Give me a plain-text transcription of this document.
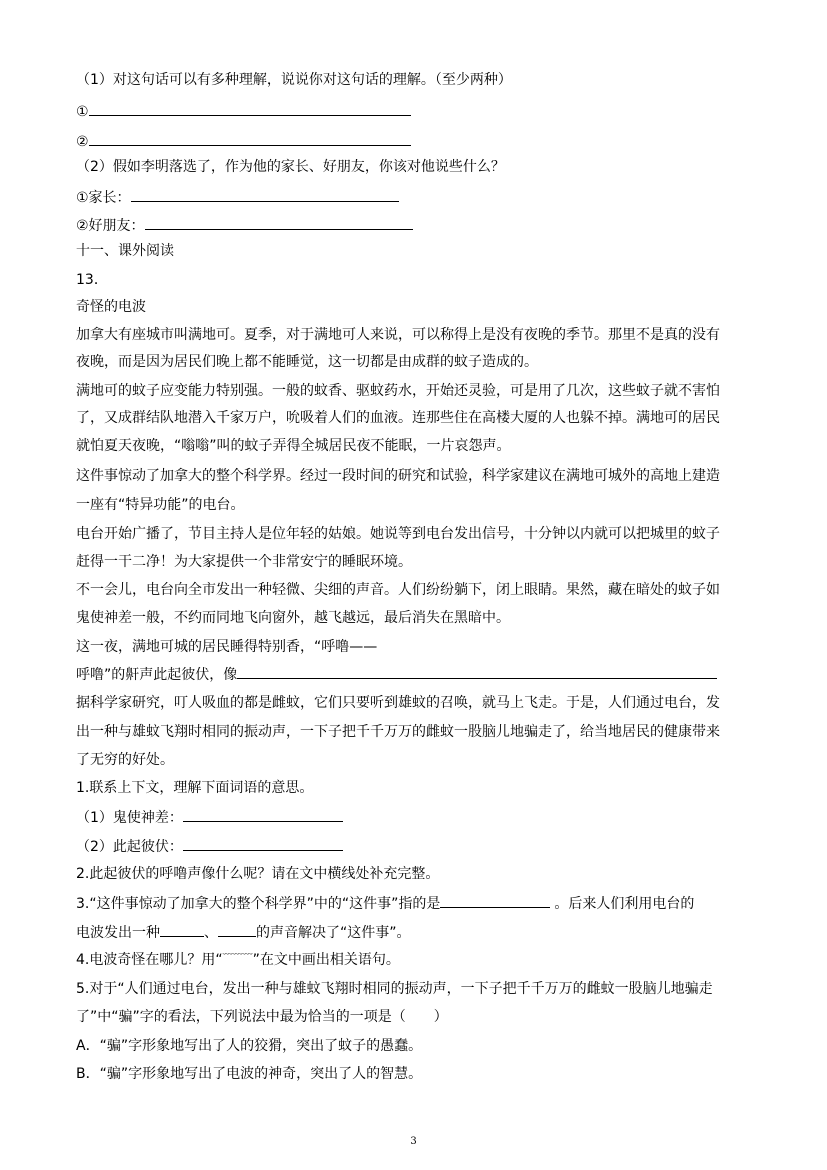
（1）对这句话可以有多种理解，说说你对这句话的理解。（至少两种）
①
②
（2）假如李明落选了，作为他的家长、好朋友，你该对他说些什么？
①家长：
②好朋友：
十一、课外阅读
13．
奇怪的电波
加拿大有座城市叫满地可。夏季，对于满地可人来说，可以称得上是没有夜晚的季节。那里不是真的没有
夜晚，而是因为居民们晚上都不能睡觉，这一切都是由成群的蚊子造成的。
满地可的蚊子应变能力特别强。一般的蚊香、驱蚊药水，开始还灵验，可是用了几次，这些蚊子就不害怕
了，又成群结队地潜入千家万户，吮吸着人们的血液。连那些住在高楼大厦的人也躲不掉。满地可的居民
就怕夏天夜晚，“嗡嗡”叫的蚊子弄得全城居民夜不能眠，一片哀怨声。
这件事惊动了加拿大的整个科学界。经过一段时间的研究和试验，科学家建议在满地可城外的高地上建造
一座有“特异功能”的电台。
电台开始广播了，节目主持人是位年轻的姑娘。她说等到电台发出信号，十分钟以内就可以把城里的蚊子
赶得一干二净！为大家提供一个非常安宁的睡眠环境。
不一会儿，电台向全市发出一种轻微、尖细的声音。人们纷纷躺下，闭上眼睛。果然，藏在暗处的蚊子如
鬼使神差一般，不约而同地飞向窗外，越飞越远，最后消失在黑暗中。
这一夜，满地可城的居民睡得特别香，“呼噜——
呼噜”的鼾声此起彼伏，像
据科学家研究，叮人吸血的都是雌蚊，它们只要听到雄蚊的召唤，就马上飞走。于是，人们通过电台，发
出一种与雄蚊飞翔时相同的振动声，一下子把千千万万的雌蚊一股脑儿地骗走了，给当地居民的健康带来
了无穷的好处。
1.联系上下文，理解下面词语的意思。
（1）鬼使神差：
（2）此起彼伏：
2.此起彼伏的呼噜声像什么呢？请在文中横线处补充完整。
3.“这件事惊动了加拿大的整个科学界”中的“这件事”指的是	。后来人们利用电台的
电波发出一种	、	的声音解决了“这件事”。
4.电波奇怪在哪儿？用“﹋﹋﹋”在文中画出相关语句。
5.对于“人们通过电台，发出一种与雄蚊飞翔时相同的振动声，一下子把千千万万的雌蚊一股脑儿地骗走
了”中“骗”字的看法，下列说法中最为恰当的一项是（　　）
A．“骗”字形象地写出了人的狡猾，突出了蚊子的愚蠢。
B．“骗”字形象地写出了电波的神奇，突出了人的智慧。
3
